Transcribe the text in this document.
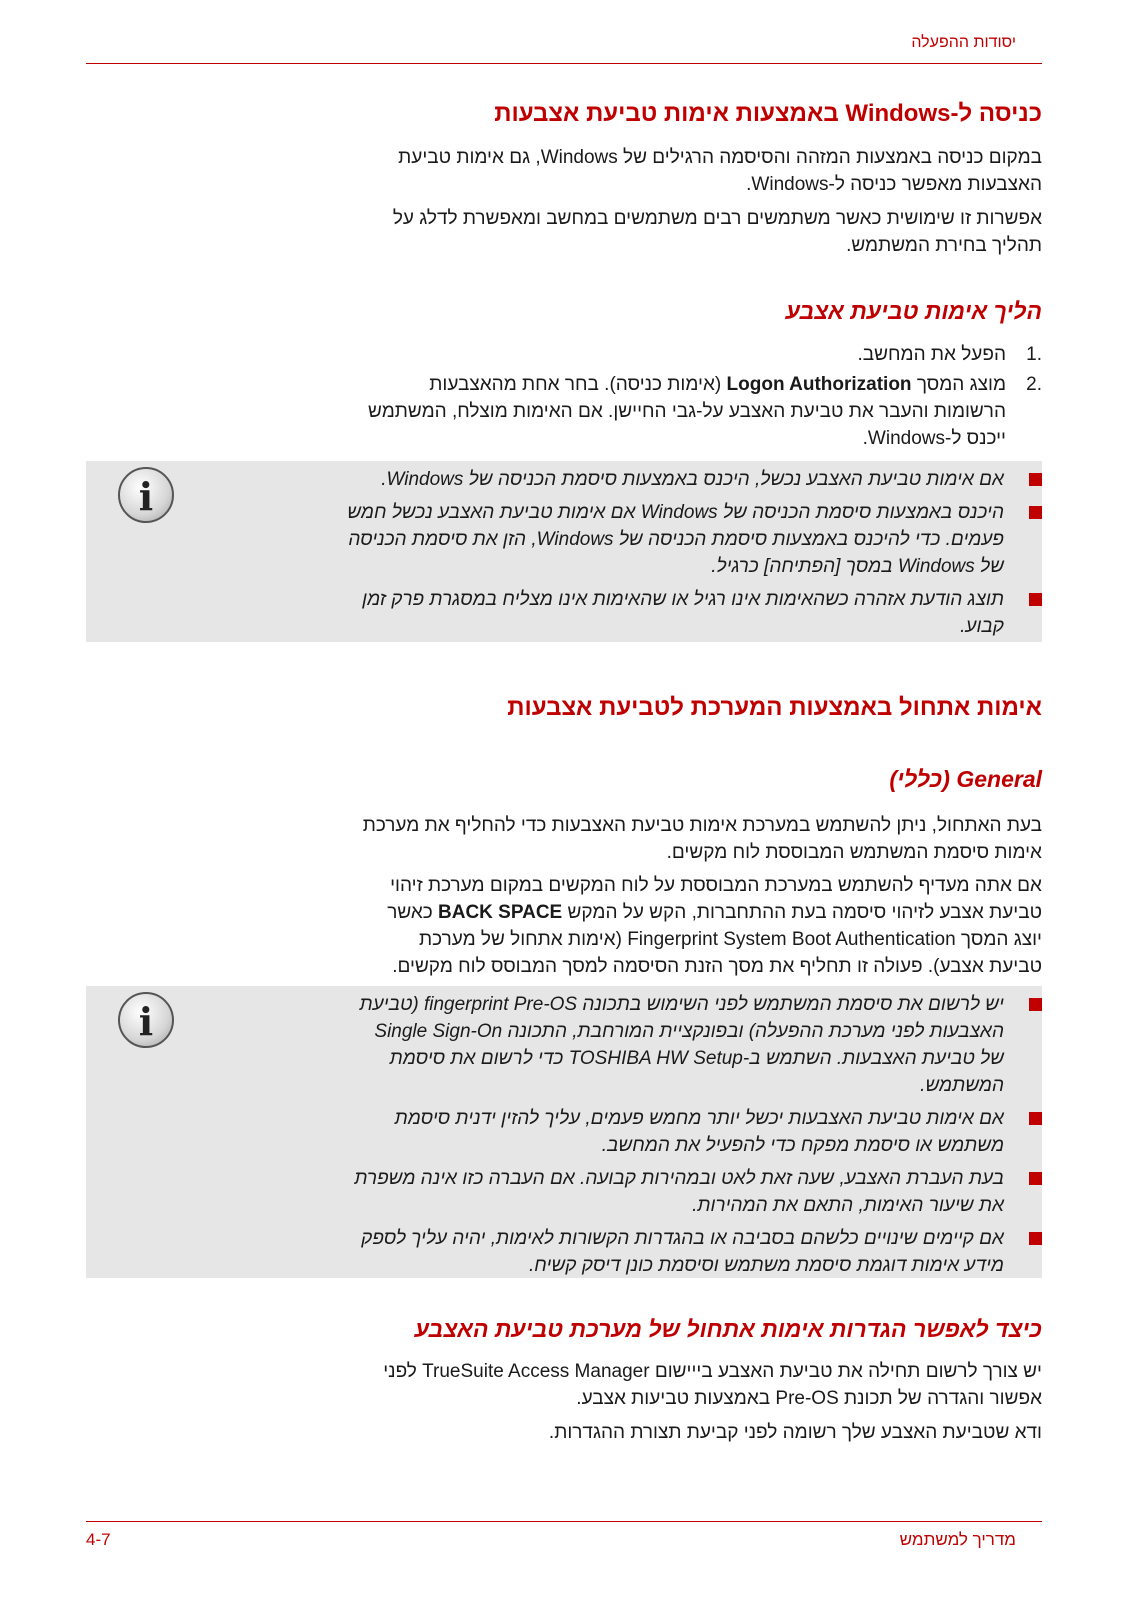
יסודות ההפעלה
כניסה ל-Windows באמצעות אימות טביעת אצבעות
במקום כניסה באמצעות המזהה והסיסמה הרגילים של Windows, גם אימות טביעת
האצבעות מאפשר כניסה ל-Windows.
אפשרות זו שימושית כאשר משתמשים רבים משתמשים במחשב ומאפשרת לדלג על
תהליך בחירת המשתמש.
הליך אימות טביעת אצבע
.1
הפעל את המחשב.
.2
מוצג המסך Logon Authorization (אימות כניסה). בחר אחת מהאצבעות
הרשומות והעבר את טביעת האצבע על-גבי החיישן. אם האימות מוצלח, המשתמש
ייכנס ל-Windows.
i	אם אימות טביעת האצבע נכשל, היכנס באמצעות סיסמת הכניסה של Windows.
היכנס באמצעות סיסמת הכניסה של Windows אם אימות טביעת האצבע נכשל חמש
פעמים. כדי להיכנס באמצעות סיסמת הכניסה של Windows, הזן את סיסמת הכניסה
של Windows במסך [הפתיחה] כרגיל.
תוצג הודעת אזהרה כשהאימות אינו רגיל או שהאימות אינו מצליח במסגרת פרק זמן
קבוע.
אימות אתחול באמצעות המערכת לטביעת אצבעות
General (כללי)
בעת האתחול, ניתן להשתמש במערכת אימות טביעת האצבעות כדי להחליף את מערכת
אימות סיסמת המשתמש המבוססת לוח מקשים.
אם אתה מעדיף להשתמש במערכת המבוססת על לוח המקשים במקום מערכת זיהוי
טביעת אצבע לזיהוי סיסמה בעת ההתחברות, הקש על המקש BACK SPACE כאשר
יוצג המסך Fingerprint System Boot Authentication (אימות אתחול של מערכת
טביעת אצבע). פעולה זו תחליף את מסך הזנת הסיסמה למסך המבוסס לוח מקשים.
i	יש לרשום את סיסמת המשתמש לפני השימוש בתכונה fingerprint Pre-OS (טביעת
האצבעות לפני מערכת ההפעלה) ובפונקציית המורחבת, התכונה Single Sign-On
של טביעת האצבעות. השתמש ב-TOSHIBA HW Setup כדי לרשום את סיסמת
המשתמש.
אם אימות טביעת האצבעות יכשל יותר מחמש פעמים, עליך להזין ידנית סיסמת
משתמש או סיסמת מפקח כדי להפעיל את המחשב.
בעת העברת האצבע, שעה זאת לאט ובמהירות קבועה. אם העברה כזו אינה משפרת
את שיעור האימות, התאם את המהירות.
אם קיימים שינויים כלשהם בסביבה או בהגדרות הקשורות לאימות, יהיה עליך לספק
מידע אימות דוגמת סיסמת משתמש וסיסמת כונן דיסק קשיח.
כיצד לאפשר הגדרות אימות אתחול של מערכת טביעת האצבע
יש צורך לרשום תחילה את טביעת האצבע בייישום TrueSuite Access Manager לפני
אפשור והגדרה של תכונת Pre-OS באמצעות טביעות אצבע.
ודא שטביעת האצבע שלך רשומה לפני קביעת תצורת ההגדרות.
4-7	מדריך למשתמש
